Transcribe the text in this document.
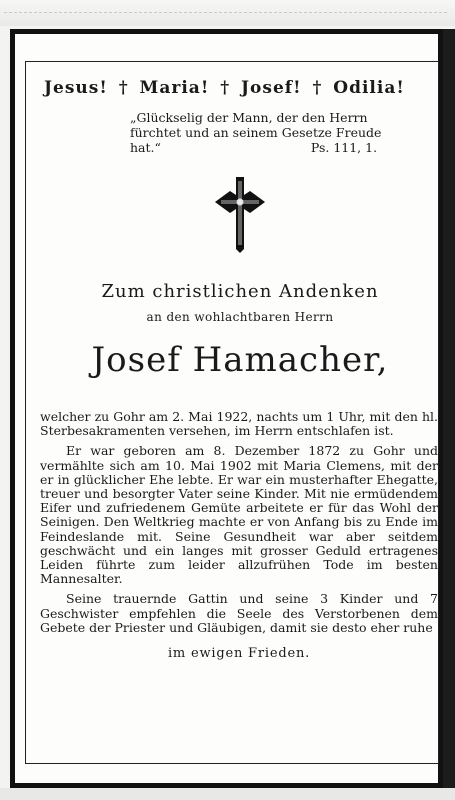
Jesus! † Maria! † Josef! † Odilia!
„Glückselig der Mann, der den Herrn
fürchtet und an seinem Gesetze Freude
hat.“	Ps. 111, 1.
Zum christlichen Andenken
an den wohlachtbaren Herrn
Josef Hamacher,

welcher zu Gohr am 2. Mai 1922, nachts um 1 Uhr, mit den hl. Sterbesakramenten versehen, im Herrn entschlafen ist.

Er war geboren am 8. Dezember 1872 zu Gohr und vermählte sich am 10. Mai 1902 mit Maria Clemens, mit der er in glücklicher Ehe lebte. Er war ein musterhafter Ehegatte, treuer und besorgter Vater seine Kinder. Mit nie ermüdendem Eifer und zufriedenem Gemüte arbeitete er für das Wohl der Seinigen. Den Weltkrieg machte er von Anfang bis zu Ende im Feindeslande mit. Seine Gesundheit war aber seitdem geschwächt und ein langes mit grosser Geduld ertragenes Leiden führte zum leider allzufrühen Tode im besten Mannesalter.

Seine trauernde Gattin und seine 3 Kinder und 7 Geschwister empfehlen die Seele des Verstorbenen dem Gebete der Priester und Gläubigen, damit sie desto eher ruhe

im ewigen Frieden.
